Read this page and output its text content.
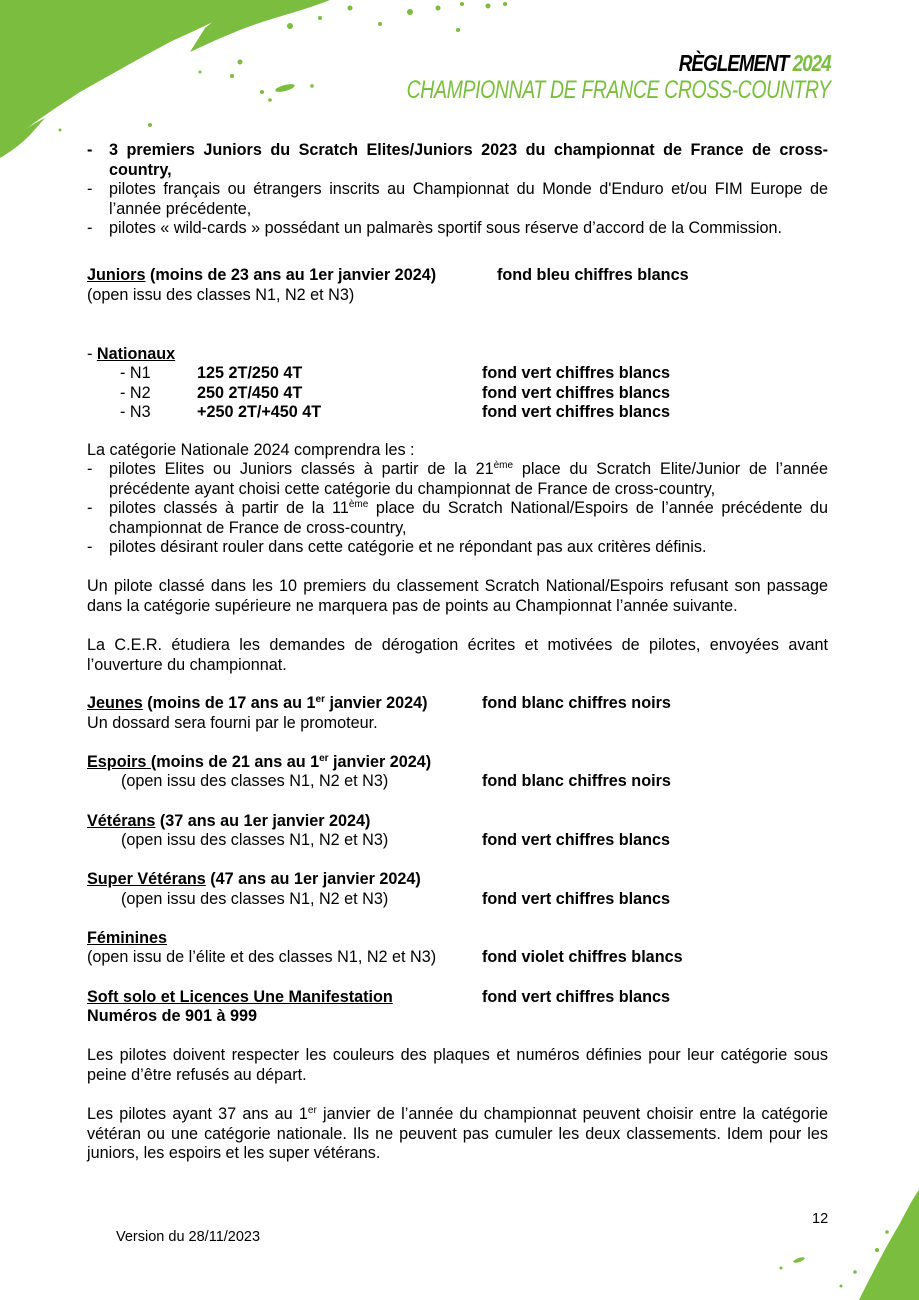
RÈGLEMENT 2024
CHAMPIONNAT DE FRANCE CROSS-COUNTRY
- 3 premiers Juniors du Scratch Elites/Juniors 2023 du championnat de France de cross-country,
- pilotes français ou étrangers inscrits au Championnat du Monde d'Enduro et/ou FIM Europe de l’année précédente,
- pilotes « wild-cards » possédant un palmarès sportif sous réserve d’accord de la Commission.
Juniors (moins de 23 ans au 1er janvier 2024)	fond bleu chiffres blancs
(open issu des classes N1, N2 et N3)
- Nationaux
- N1	125 2T/250 4T	fond vert chiffres blancs
- N2	250 2T/450 4T	fond vert chiffres blancs
- N3	+250 2T/+450 4T	fond vert chiffres blancs
La catégorie Nationale 2024 comprendra les :
- pilotes Elites ou Juniors classés à partir de la 21ème place du Scratch Elite/Junior de l’année précédente ayant choisi cette catégorie du championnat de France de cross-country,
- pilotes classés à partir de la 11ème place du Scratch National/Espoirs de l’année précédente du championnat de France de cross-country,
- pilotes désirant rouler dans cette catégorie et ne répondant pas aux critères définis.
Un pilote classé dans les 10 premiers du classement Scratch National/Espoirs refusant son passage dans la catégorie supérieure ne marquera pas de points au Championnat l’année suivante.
La C.E.R. étudiera les demandes de dérogation écrites et motivées de pilotes, envoyées avant l’ouverture du championnat.
Jeunes (moins de 17 ans au 1er janvier 2024)	fond blanc chiffres noirs
Un dossard sera fourni par le promoteur.
Espoirs (moins de 21 ans au 1er janvier 2024)
(open issu des classes N1, N2 et N3)	fond blanc chiffres noirs
Vétérans (37 ans au 1er janvier 2024)
(open issu des classes N1, N2 et N3)	fond vert chiffres blancs
Super Vétérans (47 ans au 1er janvier 2024)
(open issu des classes N1, N2 et N3)	fond vert chiffres blancs
Féminines
(open issu de l’élite et des classes N1, N2 et N3)	fond violet chiffres blancs
Soft solo et Licences Une Manifestation	fond vert chiffres blancs
Numéros de 901 à 999
Les pilotes doivent respecter les couleurs des plaques et numéros définies pour leur catégorie sous peine d’être refusés au départ.
Les pilotes ayant 37 ans au 1er janvier de l’année du championnat peuvent choisir entre la catégorie vétéran ou une catégorie nationale. Ils ne peuvent pas cumuler les deux classements. Idem pour les juniors, les espoirs et les super vétérans.
Version du 28/11/2023
12
